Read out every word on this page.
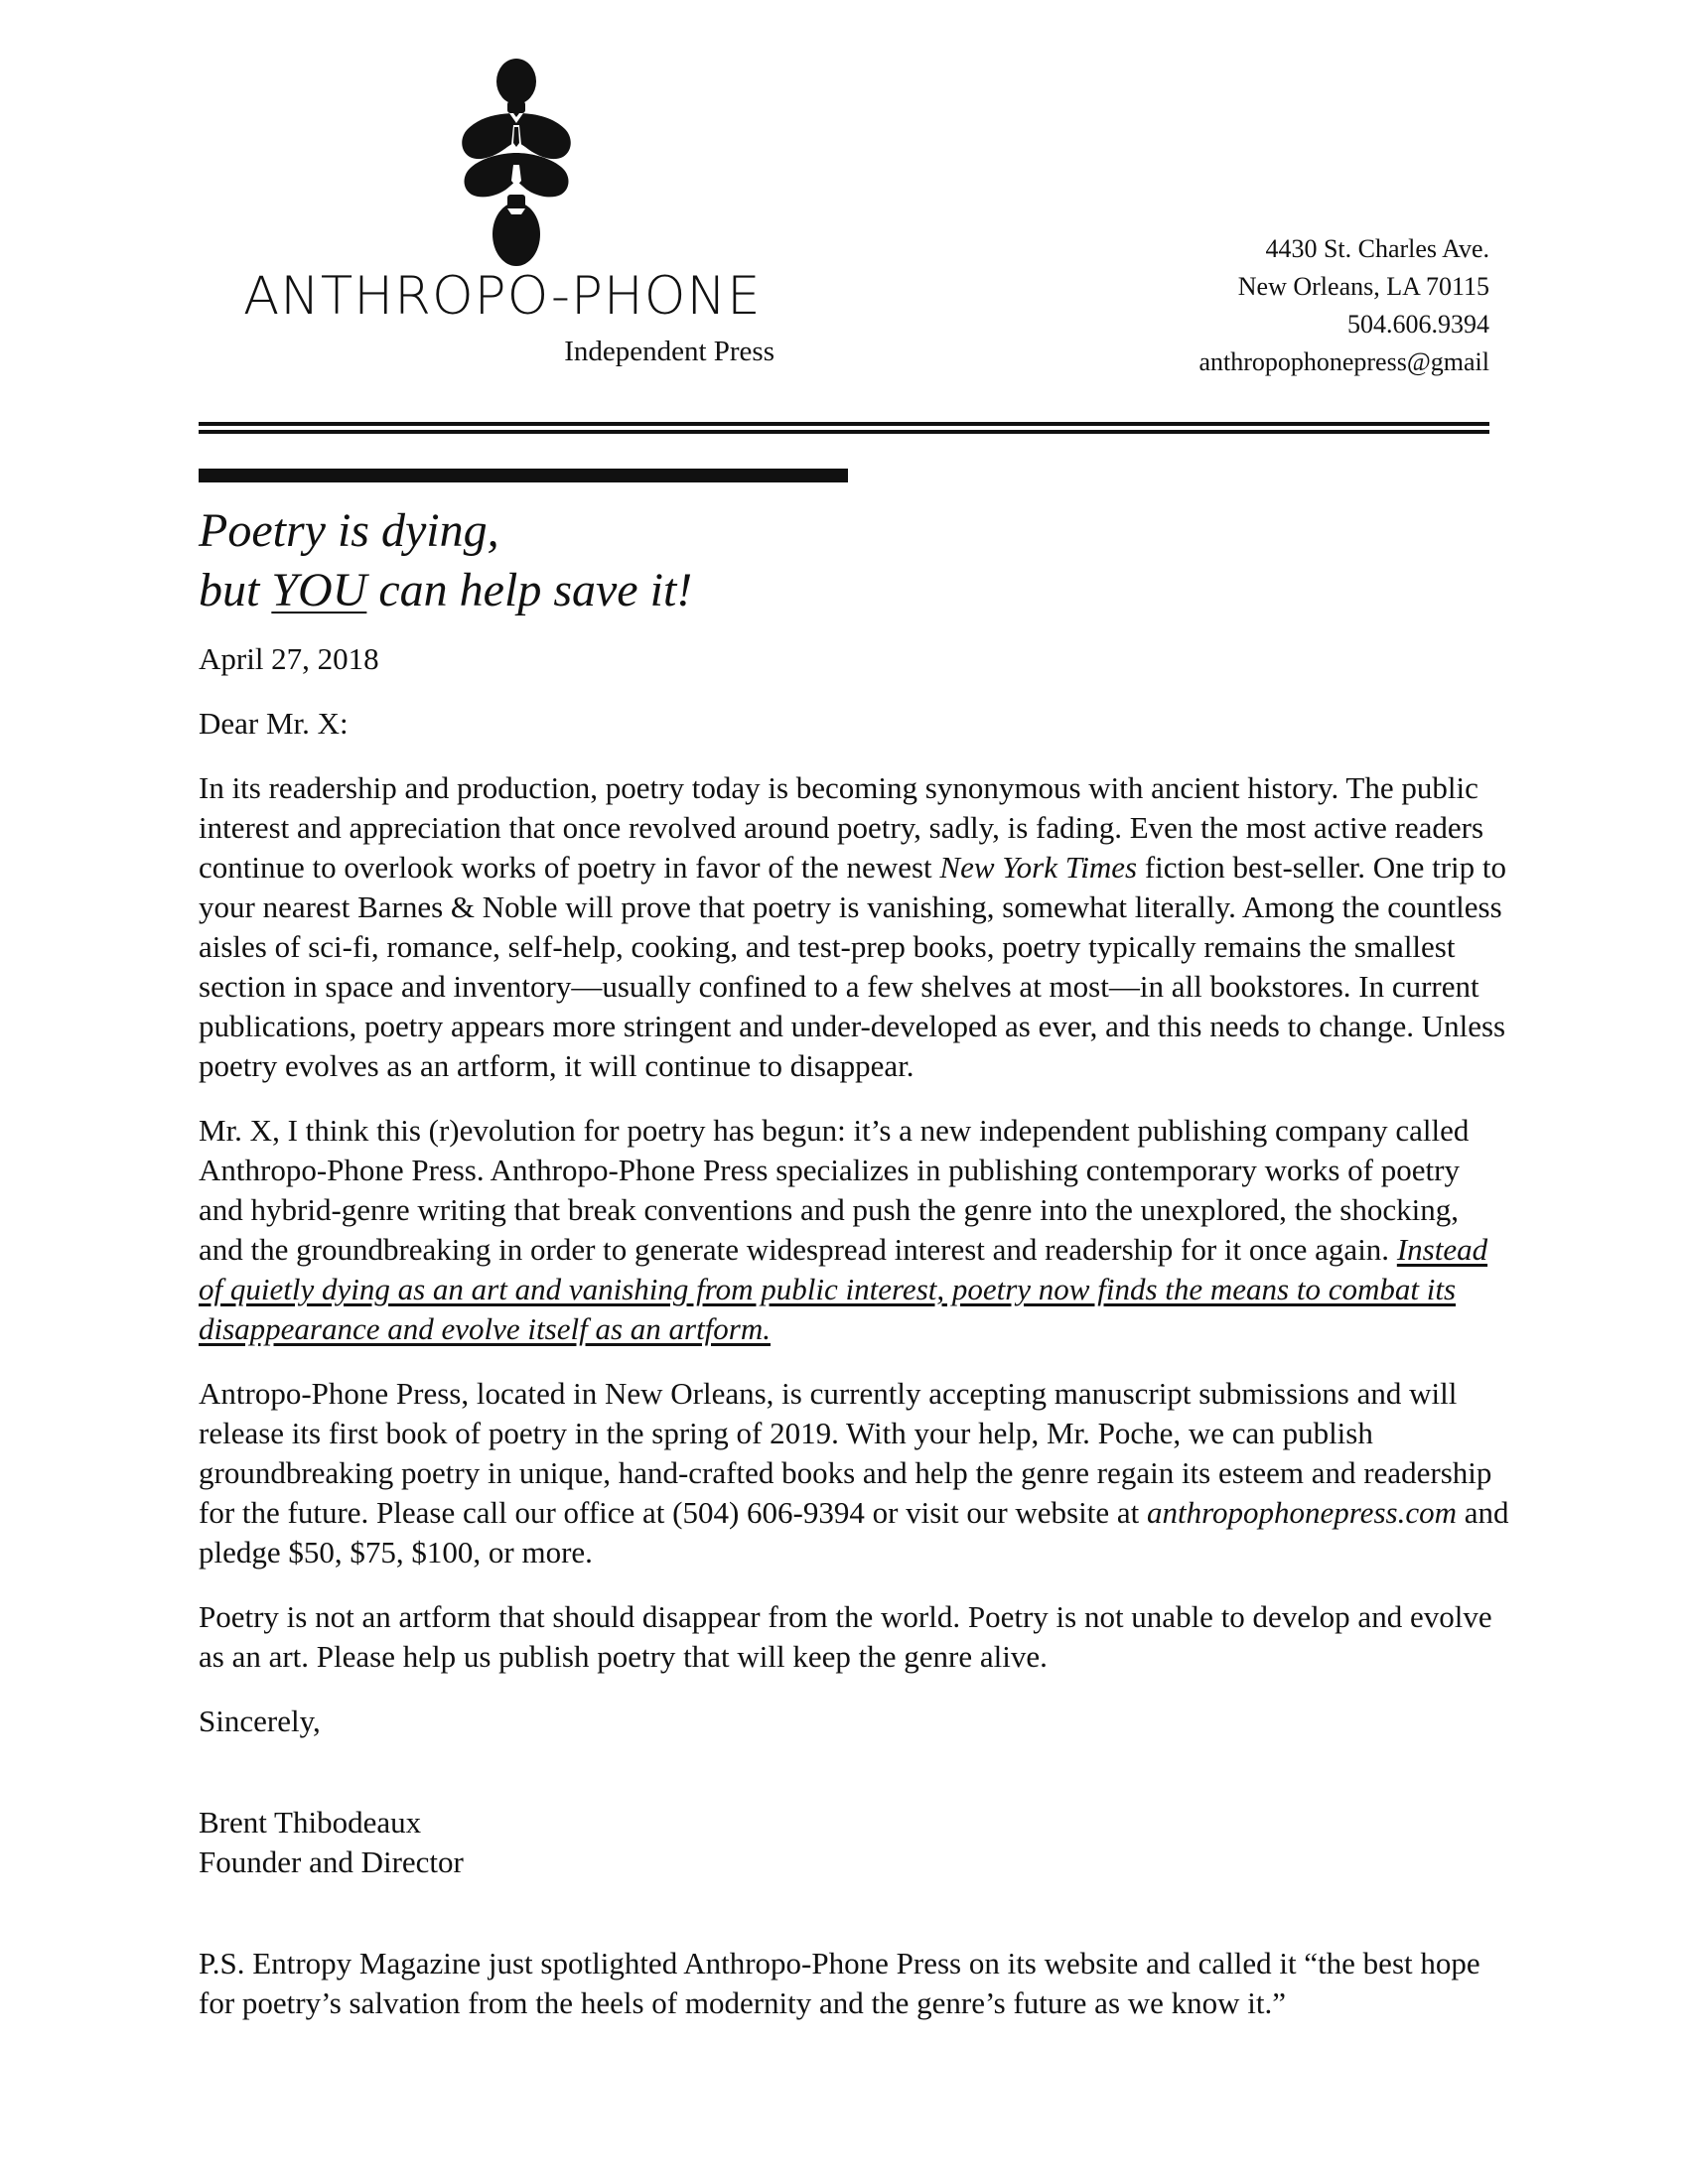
ANTHROPO-PHONE
Independent Press
4430 St. Charles Ave.
New Orleans, LA 70115
504.606.9394
anthropophonepress@gmail
Poetry is dying,
but YOU can help save it!

April 27, 2018

Dear Mr. X:

In its readership and production, poetry today is becoming synonymous with ancient history. The public interest and appreciation that once revolved around poetry, sadly, is fading. Even the most active readers continue to overlook works of poetry in favor of the newest New York Times fiction best-seller. One trip to your nearest Barnes & Noble will prove that poetry is vanishing, somewhat literally. Among the countless aisles of sci-fi, romance, self-help, cooking, and test-prep books, poetry typically remains the smallest section in space and inventory—usually confined to a few shelves at most—in all bookstores. In current publications, poetry appears more stringent and under-developed as ever, and this needs to change. Unless poetry evolves as an artform, it will continue to disappear.

Mr. X, I think this (r)evolution for poetry has begun: it’s a new independent publishing company called Anthropo-Phone Press. Anthropo-Phone Press specializes in publishing contemporary works of poetry and hybrid-genre writing that break conventions and push the genre into the unexplored, the shocking, and the groundbreaking in order to generate widespread interest and readership for it once again. Instead of quietly dying as an art and vanishing from public interest, poetry now finds the means to combat its disappearance and evolve itself as an artform.

Antropo-Phone Press, located in New Orleans, is currently accepting manuscript submissions and will release its first book of poetry in the spring of 2019. With your help, Mr. Poche, we can publish groundbreaking poetry in unique, hand-crafted books and help the genre regain its esteem and readership for the future. Please call our office at (504) 606-9394 or visit our website at anthropophonepress.com and pledge $50, $75, $100, or more.

Poetry is not an artform that should disappear from the world. Poetry is not unable to develop and evolve as an art. Please help us publish poetry that will keep the genre alive.

Sincerely,

Brent Thibodeaux
Founder and Director
P.S. Entropy Magazine just spotlighted Anthropo-Phone Press on its website and called it “the best hope for poetry’s salvation from the heels of modernity and the genre’s future as we know it.”
